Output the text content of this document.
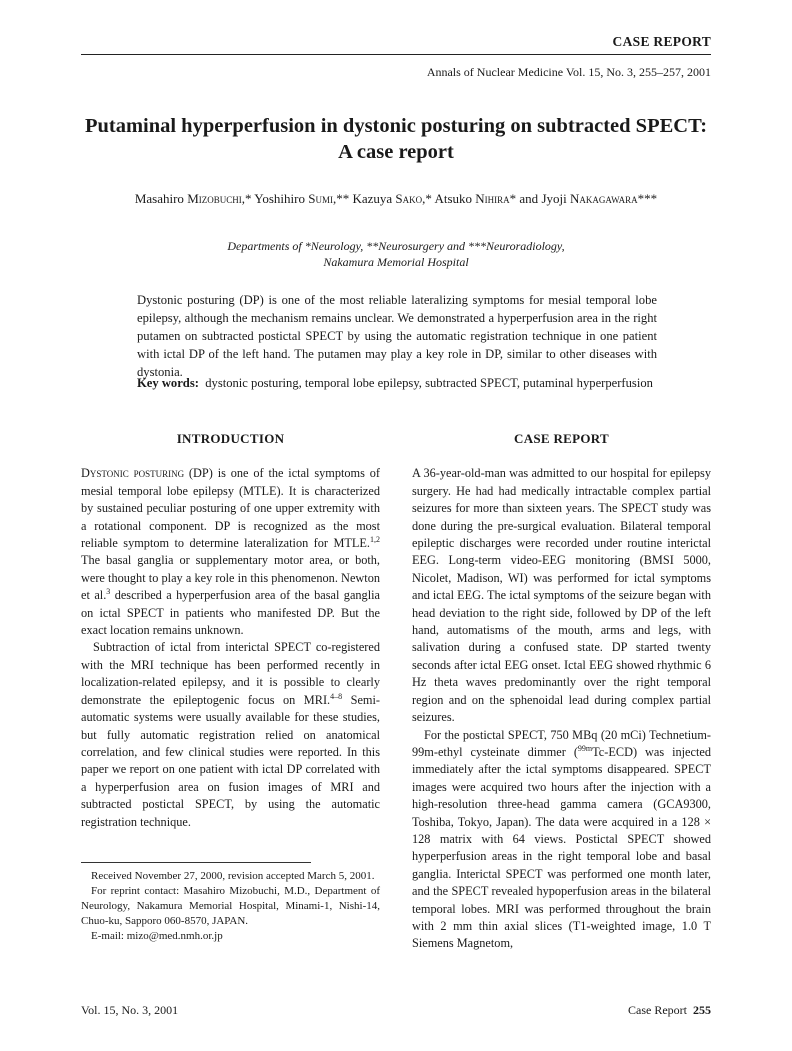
CASE REPORT
Annals of Nuclear Medicine Vol. 15, No. 3, 255–257, 2001
Putaminal hyperperfusion in dystonic posturing on subtracted SPECT:
A case report
Masahiro Mizobuchi,* Yoshihiro Sumi,** Kazuya Sako,* Atsuko Nihira* and Jyoji Nakagawara***
Departments of *Neurology, **Neurosurgery and ***Neuroradiology,
Nakamura Memorial Hospital
Dystonic posturing (DP) is one of the most reliable lateralizing symptoms for mesial temporal lobe epilepsy, although the mechanism remains unclear. We demonstrated a hyperperfusion area in the right putamen on subtracted postictal SPECT by using the automatic registration technique in one patient with ictal DP of the left hand. The putamen may play a key role in DP, similar to other diseases with dystonia.
Key words: dystonic posturing, temporal lobe epilepsy, subtracted SPECT, putaminal hyperperfusion
INTRODUCTION

Dystonic posturing (DP) is one of the ictal symptoms of mesial temporal lobe epilepsy (MTLE). It is characterized by sustained peculiar posturing of one upper extremity with a rotational component. DP is recognized as the most reliable symptom to determine lateralization for MTLE.$^{1,2}$ The basal ganglia or supplementary motor area, or both, were thought to play a key role in this phenomenon. Newton et al.$^3$ described a hyperperfusion area of the basal ganglia on ictal SPECT in patients who manifested DP. But the exact location remains unknown.

Subtraction of ictal from interictal SPECT co-registered with the MRI technique has been performed recently in localization-related epilepsy, and it is possible to clearly demonstrate the epileptogenic focus on MRI.$^{4-8}$ Semi-automatic systems were usually available for these studies, but fully automatic registration relied on anatomical correlation, and few clinical studies were reported. In this paper we report on one patient with ictal DP correlated with a hyperperfusion area on fusion images of MRI and subtracted postictal SPECT, by using the automatic registration technique.

Received November 27, 2000, revision accepted March 5, 2001.

For reprint contact: Masahiro Mizobuchi, M.D., Department of Neurology, Nakamura Memorial Hospital, Minami-1, Nishi-14, Chuo-ku, Sapporo 060-8570, JAPAN.

E-mail: mizo@med.nmh.or.jp

CASE REPORT

A 36-year-old-man was admitted to our hospital for epilepsy surgery. He had had medically intractable complex partial seizures for more than sixteen years. The SPECT study was done during the pre-surgical evaluation. Bilateral temporal epileptic discharges were recorded under routine interictal EEG. Long-term video-EEG monitoring (BMSI 5000, Nicolet, Madison, WI) was performed for ictal symptoms and ictal EEG. The ictal symptoms of the seizure began with head deviation to the right side, followed by DP of the left hand, automatisms of the mouth, arms and legs, with salivation during a confused state. DP started twenty seconds after ictal EEG onset. Ictal EEG showed rhythmic 6 Hz theta waves predominantly over the right temporal region and on the sphenoidal lead during complex partial seizures.

For the postictal SPECT, 750 MBq (20 mCi) Technetium-99m-ethyl cysteinate dimmer ($^{99m}$Tc-ECD) was injected immediately after the ictal symptoms disappeared. SPECT images were acquired two hours after the injection with a high-resolution three-head gamma camera (GCA9300, Toshiba, Tokyo, Japan). The data were acquired in a 128 × 128 matrix with 64 views. Postictal SPECT showed hyperperfusion areas in the right temporal lobe and basal ganglia. Interictal SPECT was performed one month later, and the SPECT revealed hypoperfusion areas in the bilateral temporal lobes. MRI was performed throughout the brain with 2 mm thin axial slices (T1-weighted image, 1.0 T Siemens Magnetom,

Vol. 15, No. 3, 2001	Case Report 255
